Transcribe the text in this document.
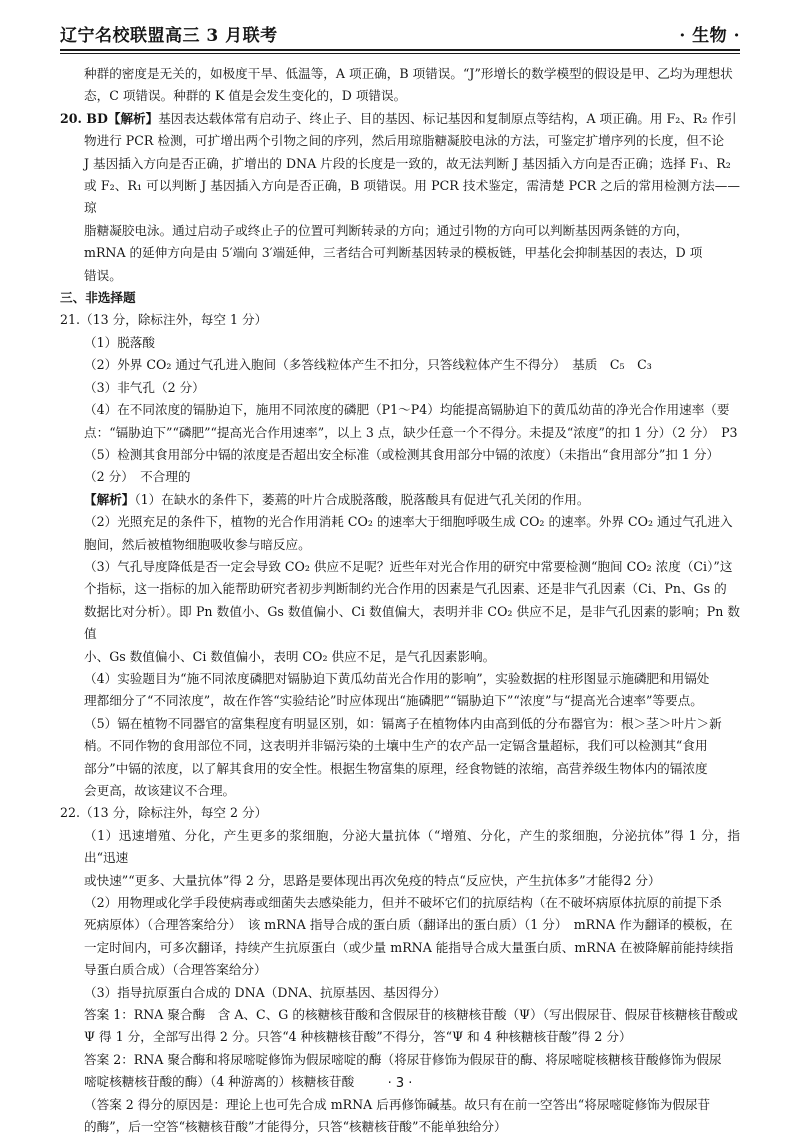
辽宁名校联盟高三 3 月联考	· 生物 ·

种群的密度是无关的，如极度干旱、低温等，A 项正确，B 项错误。“J”形增长的数学模型的假设是甲、乙均为理想状

态，C 项错误。种群的 K 值是会发生变化的，D 项错误。

20. BD【解析】基因表达载体常有启动子、终止子、目的基因、标记基因和复制原点等结构，A 项正确。用 F₂、R₂ 作引

物进行 PCR 检测，可扩增出两个引物之间的序列，然后用琼脂糖凝胶电泳的方法，可鉴定扩增序列的长度，但不论

J 基因插入方向是否正确，扩增出的 DNA 片段的长度是一致的，故无法判断 J 基因插入方向是否正确；选择 F₁、R₂

或 F₂、R₁ 可以判断 J 基因插入方向是否正确，B 项错误。用 PCR 技术鉴定，需清楚 PCR 之后的常用检测方法——琼

脂糖凝胶电泳。通过启动子或终止子的位置可判断转录的方向；通过引物的方向可以判断基因两条链的方向，

mRNA 的延伸方向是由 5′端向 3′端延伸，三者结合可判断基因转录的模板链，甲基化会抑制基因的表达，D 项

错误。

三、非选择题

21.（13 分，除标注外，每空 1 分）

（1）脱落酸

（2）外界 CO₂ 通过气孔进入胞间（多答线粒体产生不扣分，只答线粒体产生不得分）　基质　C₅　C₃

（3）非气孔（2 分）

（4）在不同浓度的镉胁迫下，施用不同浓度的磷肥（P1～P4）均能提高镉胁迫下的黄瓜幼苗的净光合作用速率（要

点：“镉胁迫下”“磷肥”“提高光合作用速率”，以上 3 点，缺少任意一个不得分。未提及“浓度”的扣 1 分）（2 分）　P3

（5）检测其食用部分中镉的浓度是否超出安全标准（或检测其食用部分中镉的浓度）（未指出“食用部分”扣 1 分）

（2 分）　不合理的

【解析】（1）在缺水的条件下，萎蔫的叶片合成脱落酸，脱落酸具有促进气孔关闭的作用。

（2）光照充足的条件下，植物的光合作用消耗 CO₂ 的速率大于细胞呼吸生成 CO₂ 的速率。外界 CO₂ 通过气孔进入

胞间，然后被植物细胞吸收参与暗反应。

（3）气孔导度降低是否一定会导致 CO₂ 供应不足呢？近些年对光合作用的研究中常要检测“胞间 CO₂ 浓度（Ci）”这

个指标，这一指标的加入能帮助研究者初步判断制约光合作用的因素是气孔因素、还是非气孔因素（Ci、Pn、Gs 的

数据比对分析）。即 Pn 数值小、Gs 数值偏小、Ci 数值偏大，表明并非 CO₂ 供应不足，是非气孔因素的影响；Pn 数值

小、Gs 数值偏小、Ci 数值偏小，表明 CO₂ 供应不足，是气孔因素影响。

（4）实验题目为“施不同浓度磷肥对镉胁迫下黄瓜幼苗光合作用的影响”，实验数据的柱形图显示施磷肥和用镉处

理都细分了“不同浓度”，故在作答“实验结论”时应体现出“施磷肥”“镉胁迫下”“浓度”与“提高光合速率”等要点。

（5）镉在植物不同器官的富集程度有明显区别，如：镉离子在植物体内由高到低的分布器官为：根＞茎＞叶片＞新

梢。不同作物的食用部位不同，这表明并非镉污染的土壤中生产的农产品一定镉含量超标，我们可以检测其“食用

部分”中镉的浓度，以了解其食用的安全性。根据生物富集的原理，经食物链的浓缩，高营养级生物体内的镉浓度

会更高，故该建议不合理。

22.（13 分，除标注外，每空 2 分）

（1）迅速增殖、分化，产生更多的浆细胞，分泌大量抗体（“增殖、分化，产生的浆细胞，分泌抗体”得 1 分，指出“迅速

或快速”“更多、大量抗体”得 2 分，思路是要体现出再次免疫的特点“反应快，产生抗体多”才能得2 分）

（2）用物理或化学手段使病毒或细菌失去感染能力，但并不破坏它们的抗原结构（在不破坏病原体抗原的前提下杀

死病原体）（合理答案给分）　该 mRNA 指导合成的蛋白质（翻译出的蛋白质）（1 分）　mRNA 作为翻译的模板，在

一定时间内，可多次翻译，持续产生抗原蛋白（或少量 mRNA 能指导合成大量蛋白质、mRNA 在被降解前能持续指

导蛋白质合成）（合理答案给分）

（3）指导抗原蛋白合成的 DNA（DNA、抗原基因、基因得分）

答案 1：RNA 聚合酶　含 A、C、G 的核糖核苷酸和含假尿苷的核糖核苷酸（Ψ）（写出假尿苷、假尿苷核糖核苷酸或

Ψ 得 1 分，全部写出得 2 分。只答“4 种核糖核苷酸”不得分，答“Ψ 和 4 种核糖核苷酸”得 2 分）

答案 2：RNA 聚合酶和将尿嘧啶修饰为假尿嘧啶的酶（将尿苷修饰为假尿苷的酶、将尿嘧啶核糖核苷酸修饰为假尿

嘧啶核糖核苷酸的酶）（4 种游离的）核糖核苷酸

（答案 2 得分的原因是：理论上也可先合成 mRNA 后再修饰碱基。故只有在前一空答出“将尿嘧啶修饰为假尿苷

的酶”，后一空答“核糖核苷酸”才能得分，只答“核糖核苷酸”不能单独给分）

· 3 ·
